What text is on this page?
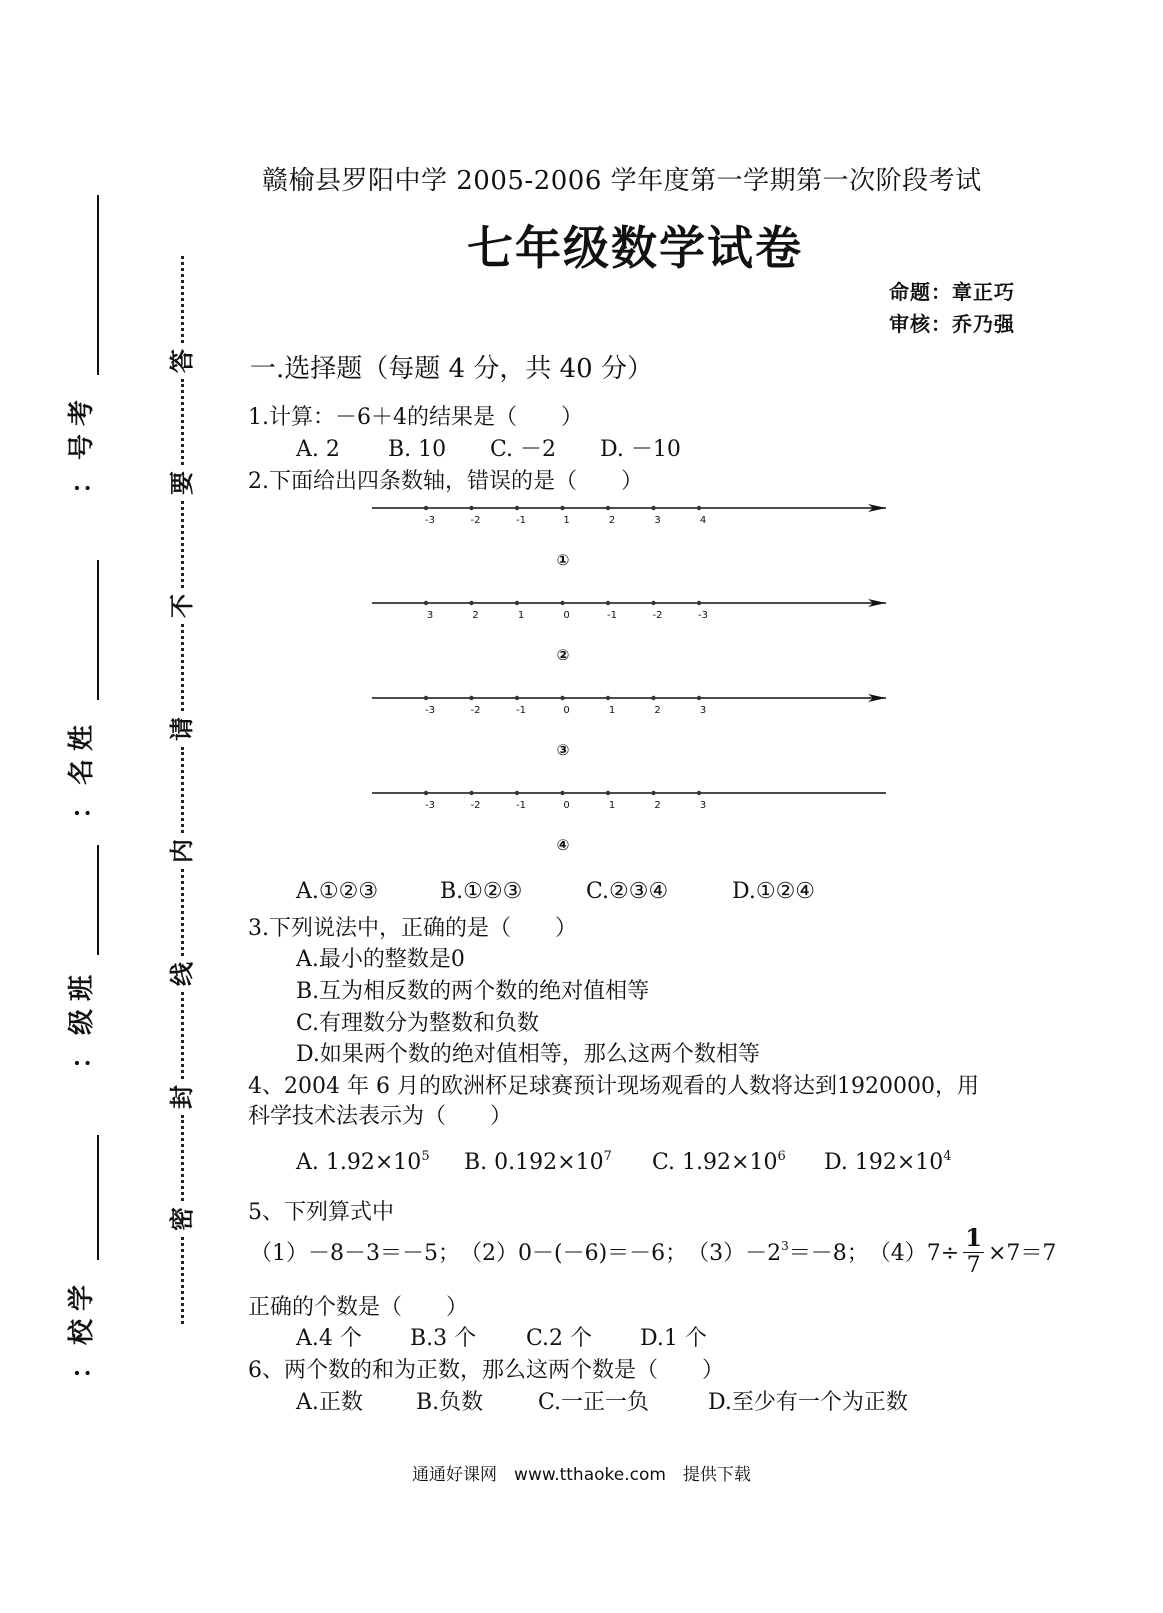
考
号
：
姓
名
：
班
级
：
学
校
：
答
要
不
请
内
线
封
密
赣榆县罗阳中学 2005-2006 学年度第一学期第一次阶段考试
七年级数学试卷
命题：章正巧
审核：乔乃强
一.选择题（每题 4 分，共 40 分）
1.计算：－6＋4的结果是（　　）
A. 2 B. 10 C. －2 D. －10
2.下面给出四条数轴，错误的是（　　）
-3	-2	-1	1	2	3	4
①
3	2	1	0	-1	-2	-3
②
-3	-2	-1	0	1	2	3
③
-3	-2	-1	0	1	2	3
④
A.①②③	B.①②③	C.②③④	D.①②④
3.下列说法中，正确的是（　　）
A.最小的整数是0
B.互为相反数的两个数的绝对值相等
C.有理数分为整数和负数
D.如果两个数的绝对值相等，那么这两个数相等
4、2004 年 6 月的欧洲杯足球赛预计现场观看的人数将达到1920000，用
科学技术法表示为（　　）
A. $1.92\times 10^5$ B. $0.192\times 10^7$ C. $1.92\times 10^6$ D. $192\times 10^4$
5、下列算式中
（1）－8－3＝－5； （2）0－(－6)＝－6； $(3)-2^3=-8$； $(4)7\div \frac{1}{7} \times 7=7$
正确的个数是（　　）
A.4 个 B.3 个 C.2 个 D.1 个
6、两个数的和为正数，那么这两个数是（　　）
A.正数 B.负数 C.一正一负	D.至少有一个为正数
通通好课网　www.tthaoke.com　提供下载
